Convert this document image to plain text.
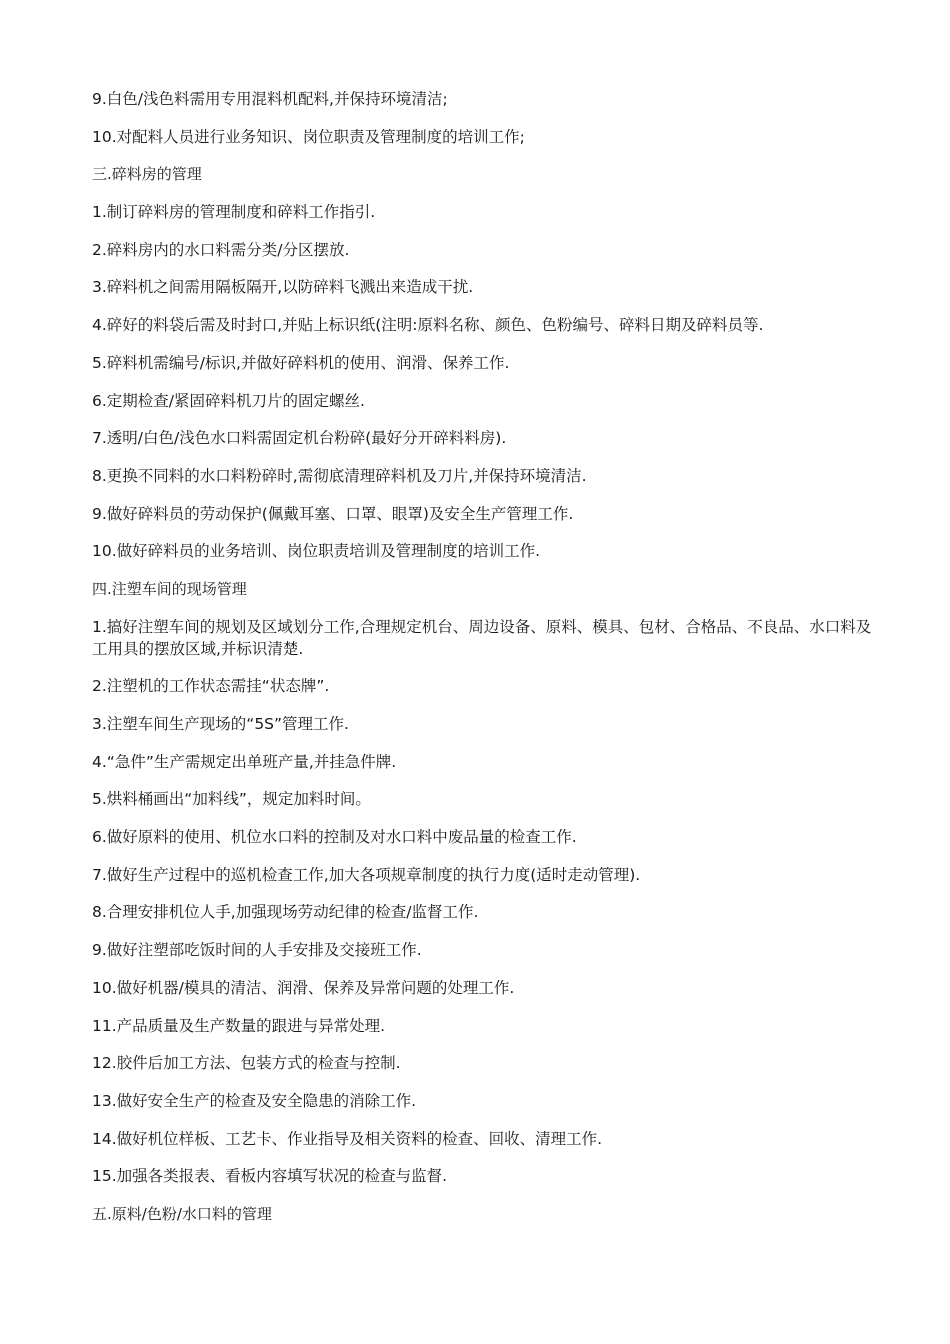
9.白色/浅色料需用专用混料机配料,并保持环境清洁;

10.对配料人员进行业务知识、岗位职责及管理制度的培训工作;

三.碎料房的管理

1.制订碎料房的管理制度和碎料工作指引.

2.碎料房内的水口料需分类/分区摆放.

3.碎料机之间需用隔板隔开,以防碎料飞溅出来造成干扰.

4.碎好的料袋后需及时封口,并贴上标识纸(注明:原料名称、颜色、色粉编号、碎料日期及碎料员等.

5.碎料机需编号/标识,并做好碎料机的使用、润滑、保养工作.

6.定期检查/紧固碎料机刀片的固定螺丝.

7.透明/白色/浅色水口料需固定机台粉碎(最好分开碎料料房).

8.更换不同料的水口料粉碎时,需彻底清理碎料机及刀片,并保持环境清洁.

9.做好碎料员的劳动保护(佩戴耳塞、口罩、眼罩)及安全生产管理工作.

10.做好碎料员的业务培训、岗位职责培训及管理制度的培训工作.

四.注塑车间的现场管理

1.搞好注塑车间的规划及区域划分工作,合理规定机台、周边设备、原料、模具、包材、合格品、不良品、水口料及工用具的摆放区域,并标识清楚.

2.注塑机的工作状态需挂“状态牌”.

3.注塑车间生产现场的“5S”管理工作.

4.“急件”生产需规定出单班产量,并挂急件牌.

5.烘料桶画出“加料线”，规定加料时间。

6.做好原料的使用、机位水口料的控制及对水口料中废品量的检查工作.

7.做好生产过程中的巡机检查工作,加大各项规章制度的执行力度(适时走动管理).

8.合理安排机位人手,加强现场劳动纪律的检查/监督工作.

9.做好注塑部吃饭时间的人手安排及交接班工作.

10.做好机器/模具的清洁、润滑、保养及异常问题的处理工作.

11.产品质量及生产数量的跟进与异常处理.

12.胶件后加工方法、包装方式的检查与控制.

13.做好安全生产的检查及安全隐患的消除工作.

14.做好机位样板、工艺卡、作业指导及相关资料的检查、回收、清理工作.

15.加强各类报表、看板内容填写状况的检查与监督.

五.原料/色粉/水口料的管理
